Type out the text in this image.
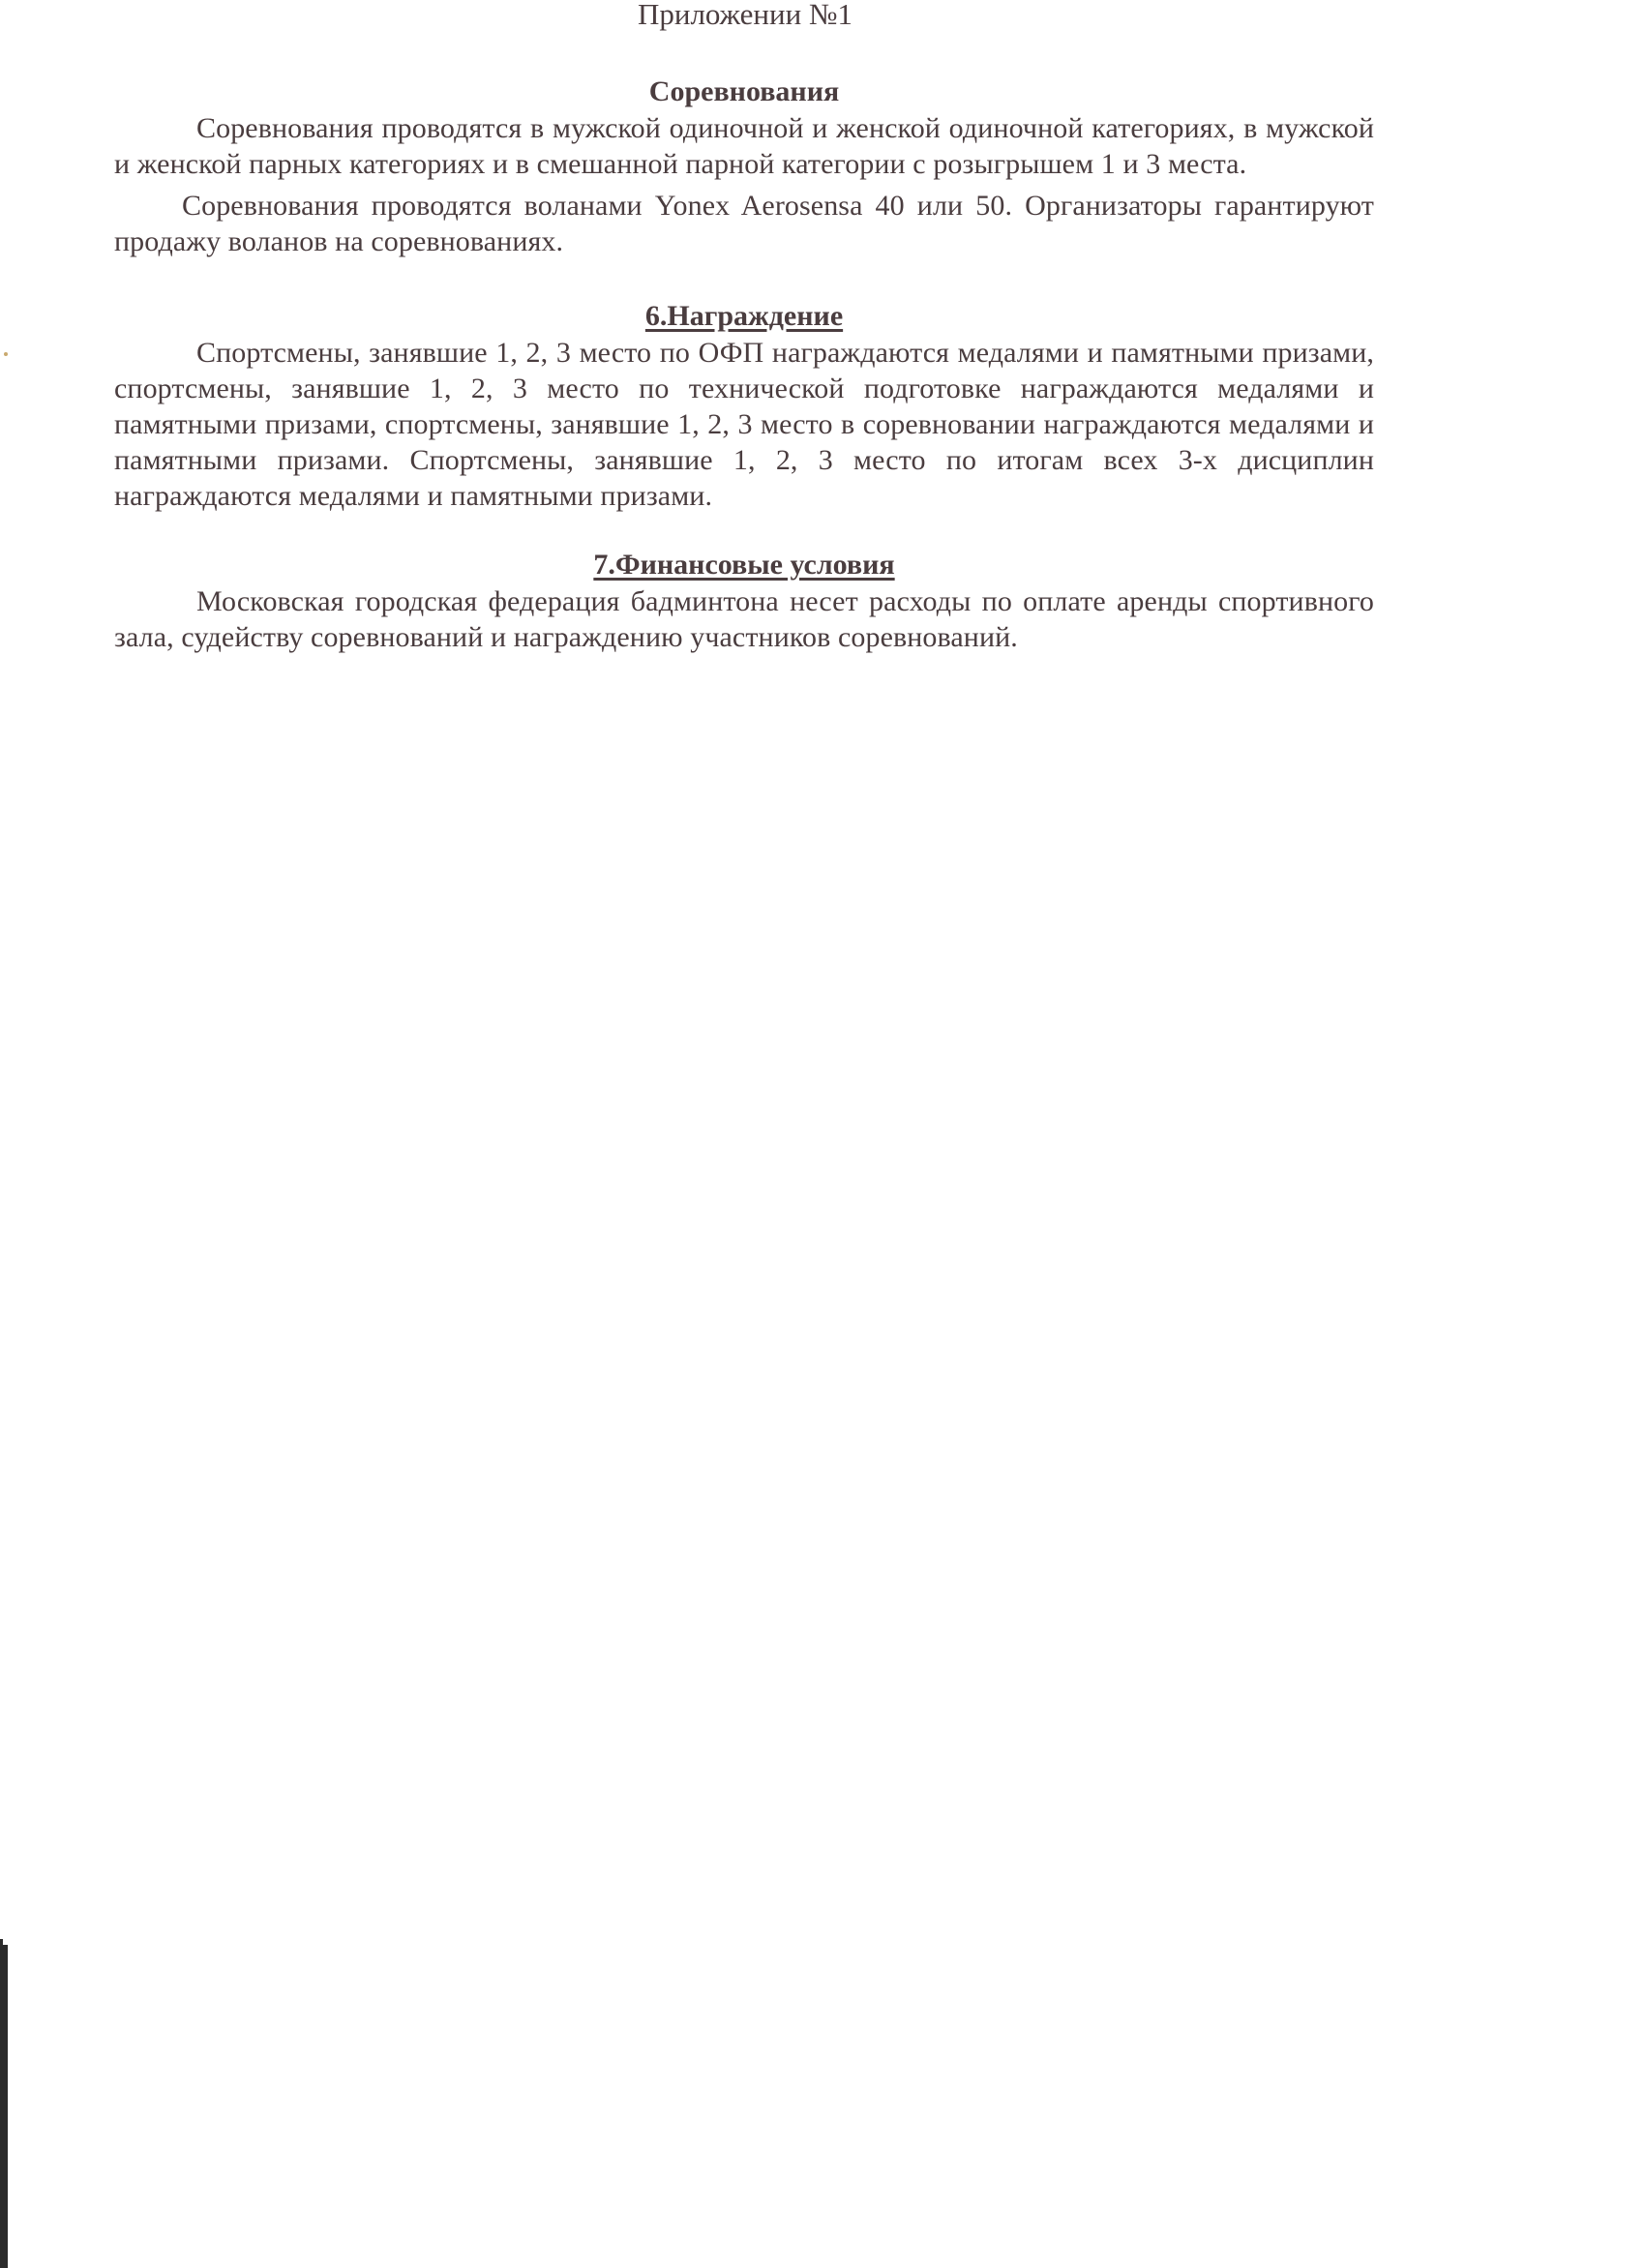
Приложении №1
Соревнования

Соревнования проводятся в мужской одиночной и женской одиночной категориях, в мужской и женской парных категориях и в смешанной парной категории с розыгрышем 1 и 3 места.

Соревнования проводятся воланами Yonex Aerosensa 40 или 50. Организаторы гарантируют продажу воланов на соревнованиях.

6.Награждение

Спортсмены, занявшие 1, 2, 3 место по ОФП награждаются медалями и памятными призами, спортсмены, занявшие 1, 2, 3 место по технической подготовке награждаются медалями и памятными призами, спортсмены, занявшие 1, 2, 3 место в соревновании награждаются медалями и памятными призами. Спортсмены, занявшие 1, 2, 3 место по итогам всех 3-х дисциплин награждаются медалями и памятными призами.

7.Финансовые условия

Московская городская федерация бадминтона несет расходы по оплате аренды спортивного зала, судейству соревнований и награждению участников соревнований.
